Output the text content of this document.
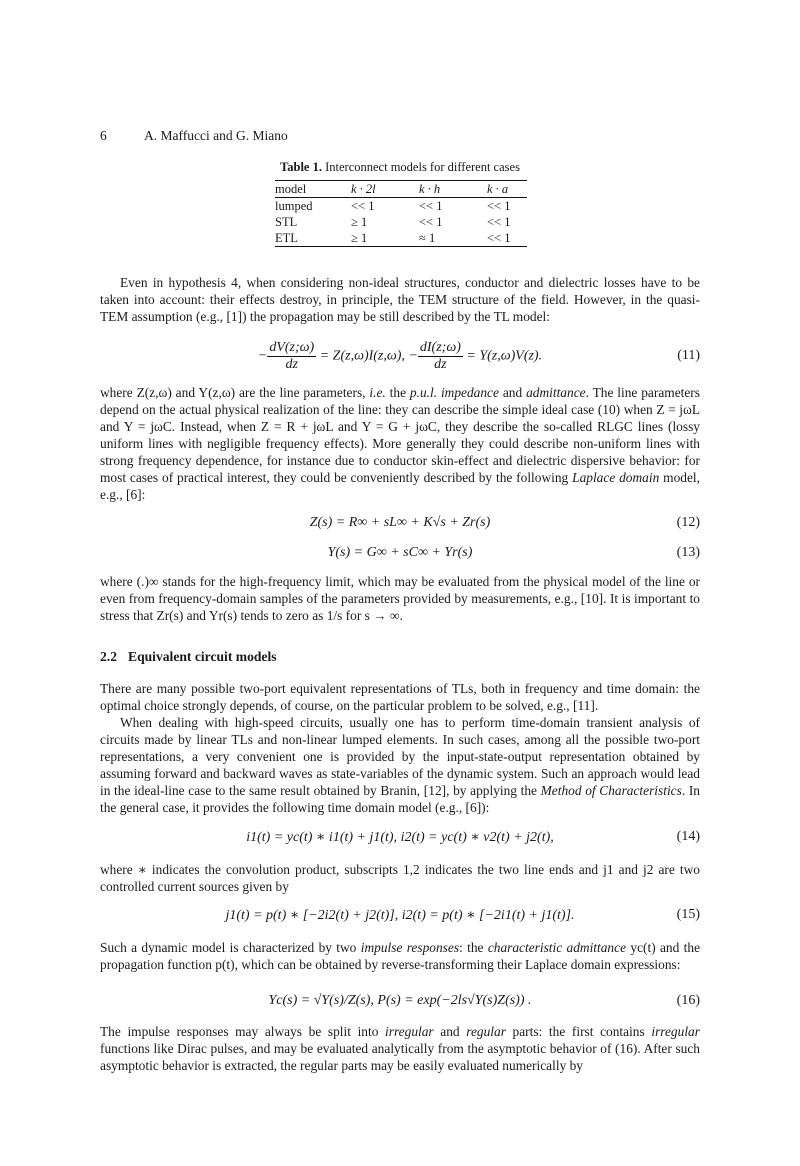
6	A. Maffucci and G. Miano
Table 1. Interconnect models for different cases
model	k · 2l	k · h	k · a
lumped	<< 1	<< 1	<< 1
STL	≥ 1	<< 1	<< 1
ETL	≥ 1	≈ 1	<< 1

Even in hypothesis 4, when considering non-ideal structures, conductor and dielectric losses have to be taken into account: their effects destroy, in principle, the TEM structure of the field. However, in the quasi-TEM assumption (e.g., [1]) the propagation may be still described by the TL model:

− $\frac{dV(z;\omega)}{dz} = Z(z,\omega)I(z,\omega)$, − $\frac{dI(z;\omega)}{dz} = Y(z,\omega)V(z)$.	(11)

where Z(z,ω) and Y(z,ω) are the line parameters, i.e. the p.u.l. impedance and admittance. The line parameters depend on the actual physical realization of the line: they can describe the simple ideal case (10) when Z = jωL and Y = jωC. Instead, when Z = R + jωL and Y = G + jωC, they describe the so-called RLGC lines (lossy uniform lines with negligible frequency effects). More generally they could describe non-uniform lines with strong frequency dependence, for instance due to conductor skin-effect and dielectric dispersive behavior: for most cases of practical interest, they could be conveniently described by the following Laplace domain model, e.g., [6]:

Z(s) = R∞ + sL∞ + K√s + Zr(s)	(12)
Y(s) = G∞ + sC∞ + Yr(s)	(13)

where (.)∞ stands for the high-frequency limit, which may be evaluated from the physical model of the line or even from frequency-domain samples of the parameters provided by measurements, e.g., [10]. It is important to stress that Zr(s) and Yr(s) tends to zero as 1/s for s → ∞.

2.2 Equivalent circuit models

There are many possible two-port equivalent representations of TLs, both in frequency and time domain: the optimal choice strongly depends, of course, on the particular problem to be solved, e.g., [11].

When dealing with high-speed circuits, usually one has to perform time-domain transient analysis of circuits made by linear TLs and non-linear lumped elements. In such cases, among all the possible two-port representations, a very convenient one is provided by the input-state-output representation obtained by assuming forward and backward waves as state-variables of the dynamic system. Such an approach would lead in the ideal-line case to the same result obtained by Branin, [12], by applying the Method of Characteristics. In the general case, it provides the following time domain model (e.g., [6]):

i1(t) = yc(t) ∗ i1(t) + j1(t), i2(t) = yc(t) ∗ v2(t) + j2(t),	(14)

where ∗ indicates the convolution product, subscripts 1,2 indicates the two line ends and j1 and j2 are two controlled current sources given by

j1(t) = p(t) ∗ [−2i2(t) + j2(t)], i2(t) = p(t) ∗ [−2i1(t) + j1(t)].	(15)

Such a dynamic model is characterized by two impulse responses: the characteristic admittance yc(t) and the propagation function p(t), which can be obtained by reverse-transforming their Laplace domain expressions:

Yc(s) = √Y(s)/Z(s), P(s) = exp(−2ls√Y(s)Z(s)) .	(16)

The impulse responses may always be split into irregular and regular parts: the first contains irregular functions like Dirac pulses, and may be evaluated analytically from the asymptotic behavior of (16). After such asymptotic behavior is extracted, the regular parts may be easily evaluated numerically by
